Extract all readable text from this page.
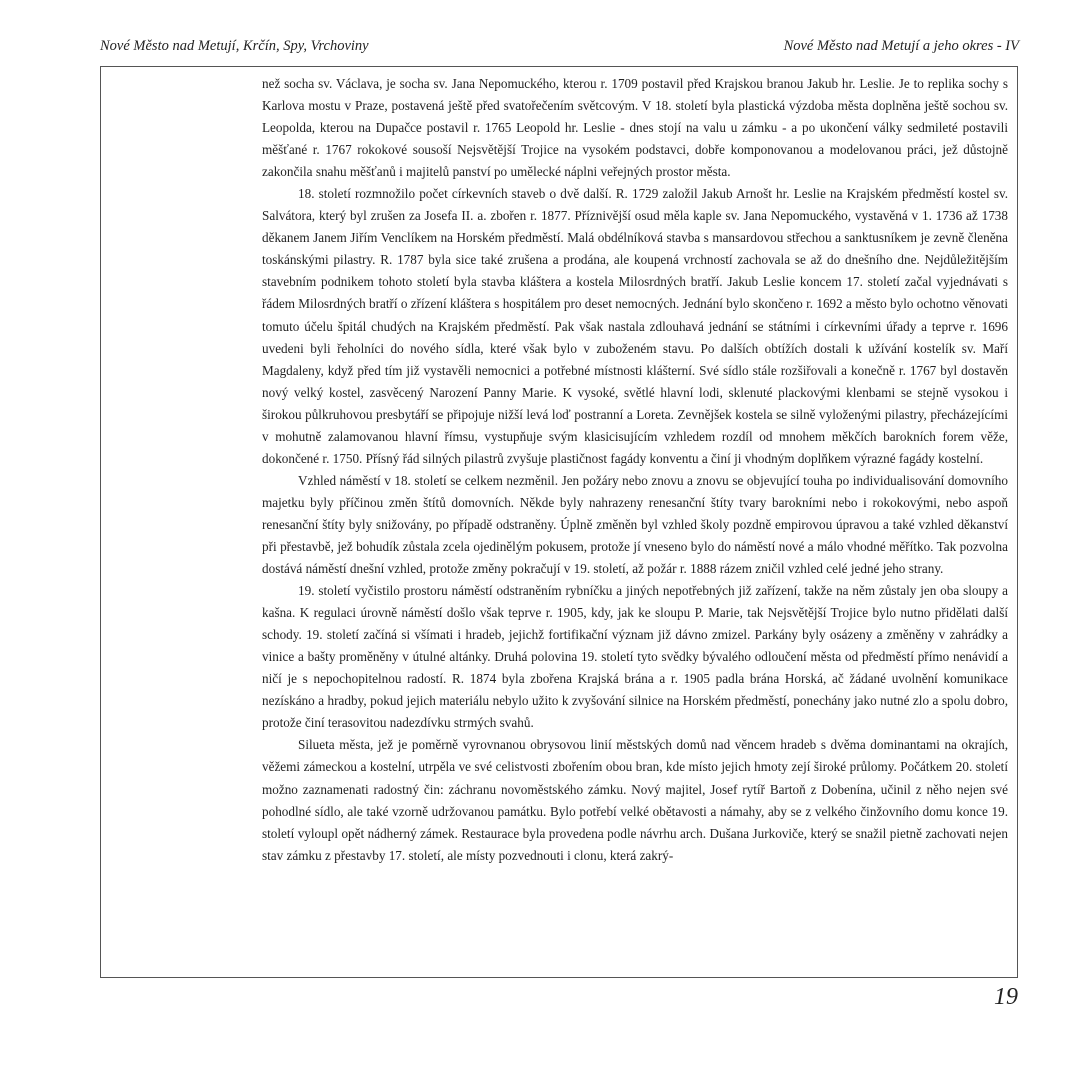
Nové Město nad Metují, Krčín, Spy, Vrchoviny	Nové Město nad Metují a jeho okres - IV

než socha sv. Václava, je socha sv. Jana Nepomuckého, kterou r. 1709 postavil před Krajskou branou Jakub hr. Leslie. Je to replika sochy s Karlova mostu v Praze, postavená ještě před svatořečením světcovým. V 18. století byla plastická výzdoba města doplněna ještě sochou sv. Leopolda, kterou na Dupačce postavil r. 1765 Leopold hr. Leslie - dnes stojí na valu u zámku - a po ukončení války sedmileté postavili měšťané r. 1767 rokokové sousoší Nejsvětější Trojice na vysokém podstavci, dobře komponovanou a modelovanou práci, jež důstojně zakončila snahu měšťanů i majitelů panství po umělecké náplni veřejných prostor města.

18. století rozmnožilo počet církevních staveb o dvě další. R. 1729 založil Jakub Arnošt hr. Leslie na Krajském předměstí kostel sv. Salvátora, který byl zrušen za Josefa II. a. zbořen r. 1877. Příznivější osud měla kaple sv. Jana Nepomuckého, vystavěná v 1. 1736 až 1738 děkanem Janem Jiřím Venclíkem na Horském předměstí. Malá obdélníková stavba s mansardovou střechou a sanktusníkem je zevně členěna toskánskými pilastry. R. 1787 byla sice také zrušena a prodána, ale koupená vrchností zachovala se až do dnešního dne. Nejdůležitějším stavebním podnikem tohoto století byla stavba kláštera a kostela Milosrdných bratří. Jakub Leslie koncem 17. století začal vyjednávati s řádem Milosrdných bratří o zřízení kláštera s hospitálem pro deset nemocných. Jednání bylo skončeno r. 1692 a město bylo ochotno věnovati tomuto účelu špitál chudých na Krajském předměstí. Pak však nastala zdlouhavá jednání se státními i církevními úřady a teprve r. 1696 uvedeni byli řeholníci do nového sídla, které však bylo v zuboženém stavu. Po dalších obtížích dostali k užívání kostelík sv. Maří Magdaleny, když před tím již vystavěli nemocnici a potřebné místnosti klášterní. Své sídlo stále rozšiřovali a konečně r. 1767 byl dostavěn nový velký kostel, zasvěcený Narození Panny Marie. K vysoké, světlé hlavní lodi, sklenuté plackovými klenbami se stejně vysokou i širokou půlkruhovou presbytáří se připojuje nižší levá loď postranní a Loreta. Zevnějšek kostela se silně vyloženými pilastry, přecházejícími v mohutně zalamovanou hlavní římsu, vystupňuje svým klasicisujícím vzhledem rozdíl od mnohem měkčích barokních forem věže, dokončené r. 1750. Přísný řád silných pilastrů zvyšuje plastičnost fagády konventu a činí ji vhodným doplňkem výrazné fagády kostelní.

Vzhled náměstí v 18. století se celkem nezměnil. Jen požáry nebo znovu a znovu se objevující touha po individualisování domovního majetku byly příčinou změn štítů domovních. Někde byly nahrazeny renesanční štíty tvary barokními nebo i rokokovými, nebo aspoň renesanční štíty byly snižovány, po případě odstraněny. Úplně změněn byl vzhled školy pozdně empirovou úpravou a také vzhled děkanství při přestavbě, jež bohudík zůstala zcela ojedinělým pokusem, protože jí vneseno bylo do náměstí nové a málo vhodné měřítko. Tak pozvolna dostává náměstí dnešní vzhled, protože změny pokračují v 19. století, až požár r. 1888 rázem zničil vzhled celé jedné jeho strany.

19. století vyčistilo prostoru náměstí odstraněním rybníčku a jiných nepotřebných již zařízení, takže na něm zůstaly jen oba sloupy a kašna. K regulaci úrovně náměstí došlo však teprve r. 1905, kdy, jak ke sloupu P. Marie, tak Nejsvětější Trojice bylo nutno přidělati další schody. 19. století začíná si všímati i hradeb, jejichž fortifikační význam již dávno zmizel. Parkány byly osázeny a změněny v zahrádky a vinice a bašty proměněny v útulné altánky. Druhá polovina 19. století tyto svědky bývalého odloučení města od předměstí přímo nenávidí a ničí je s nepochopitelnou radostí. R. 1874 byla zbořena Krajská brána a r. 1905 padla brána Horská, ač žádané uvolnění komunikace nezískáno a hradby, pokud jejich materiálu nebylo užito k zvyšování silnice na Horském předměstí, ponechány jako nutné zlo a spolu dobro, protože činí terasovitou nadezdívku strmých svahů.

Silueta města, jež je poměrně vyrovnanou obrysovou linií městských domů nad věncem hradeb s dvěma dominantami na okrajích, věžemi zámeckou a kostelní, utrpěla ve své celistvosti zbořením obou bran, kde místo jejich hmoty zejí široké průlomy. Počátkem 20. století možno zaznamenati radostný čin: záchranu novoměstského zámku. Nový majitel, Josef rytíř Bartoň z Dobenína, učinil z něho nejen své pohodlné sídlo, ale také vzorně udržovanou památku. Bylo potřebí velké obětavosti a námahy, aby se z velkého činžovního domu konce 19. století vyloupl opět nádherný zámek. Restaurace byla provedena podle návrhu arch. Dušana Jurkoviče, který se snažil pietně zachovati nejen stav zámku z přestavby 17. století, ale místy pozvednouti i clonu, která zakrý-

19
